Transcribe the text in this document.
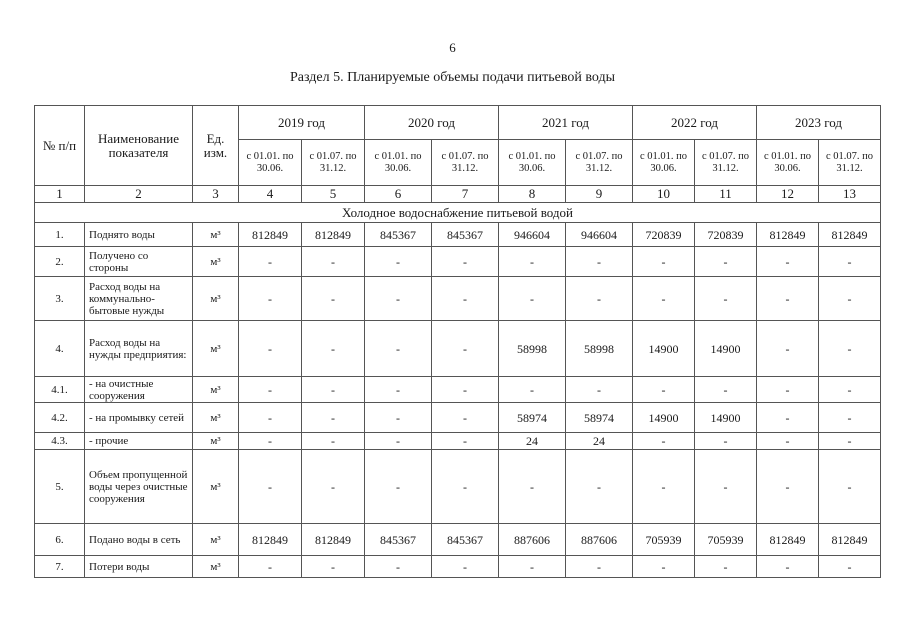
6
Раздел 5. Планируемые объемы подачи питьевой воды
№ п/п	Наименование показателя	Ед. изм.	2019 год		2020 год		2021 год		2022 год		2023 год	
			с 01.01. по 30.06.	с 01.07. по 31.12.	с 01.01. по 30.06.	с 01.07. по 31.12.	с 01.01. по 30.06.	с 01.07. по 31.12.	с 01.01. по 30.06.	с 01.07. по 31.12.	с 01.01. по 30.06.	с 01.07. по 31.12.
1	2	3	4	5	6	7	8	9	10	11	12	13
Холодное водоснабжение питьевой водой												
1.	Поднято воды	м³	812849	812849	845367	845367	946604	946604	720839	720839	812849	812849
2.	Получено со стороны	м³	-	-	-	-	-	-	-	-	-	-
3.	Расход воды на коммунально-бытовые нужды	м³	-	-	-	-	-	-	-	-	-	-
4.	Расход воды на нужды предприятия:	м³	-	-	-	-	58998	58998	14900	14900	-	-
4.1.	- на очистные сооружения	м³	-	-	-	-	-	-	-	-	-	-
4.2.	- на промывку сетей	м³	-	-	-	-	58974	58974	14900	14900	-	-
4.3.	- прочие	м³	-	-	-	-	24	24	-	-	-	-
5.	Объем пропущенной воды через очистные сооружения	м³	-	-	-	-	-	-	-	-	-	-
6.	Подано воды в сеть	м³	812849	812849	845367	845367	887606	887606	705939	705939	812849	812849
7.	Потери воды	м³	-	-	-	-	-	-	-	-	-	-
